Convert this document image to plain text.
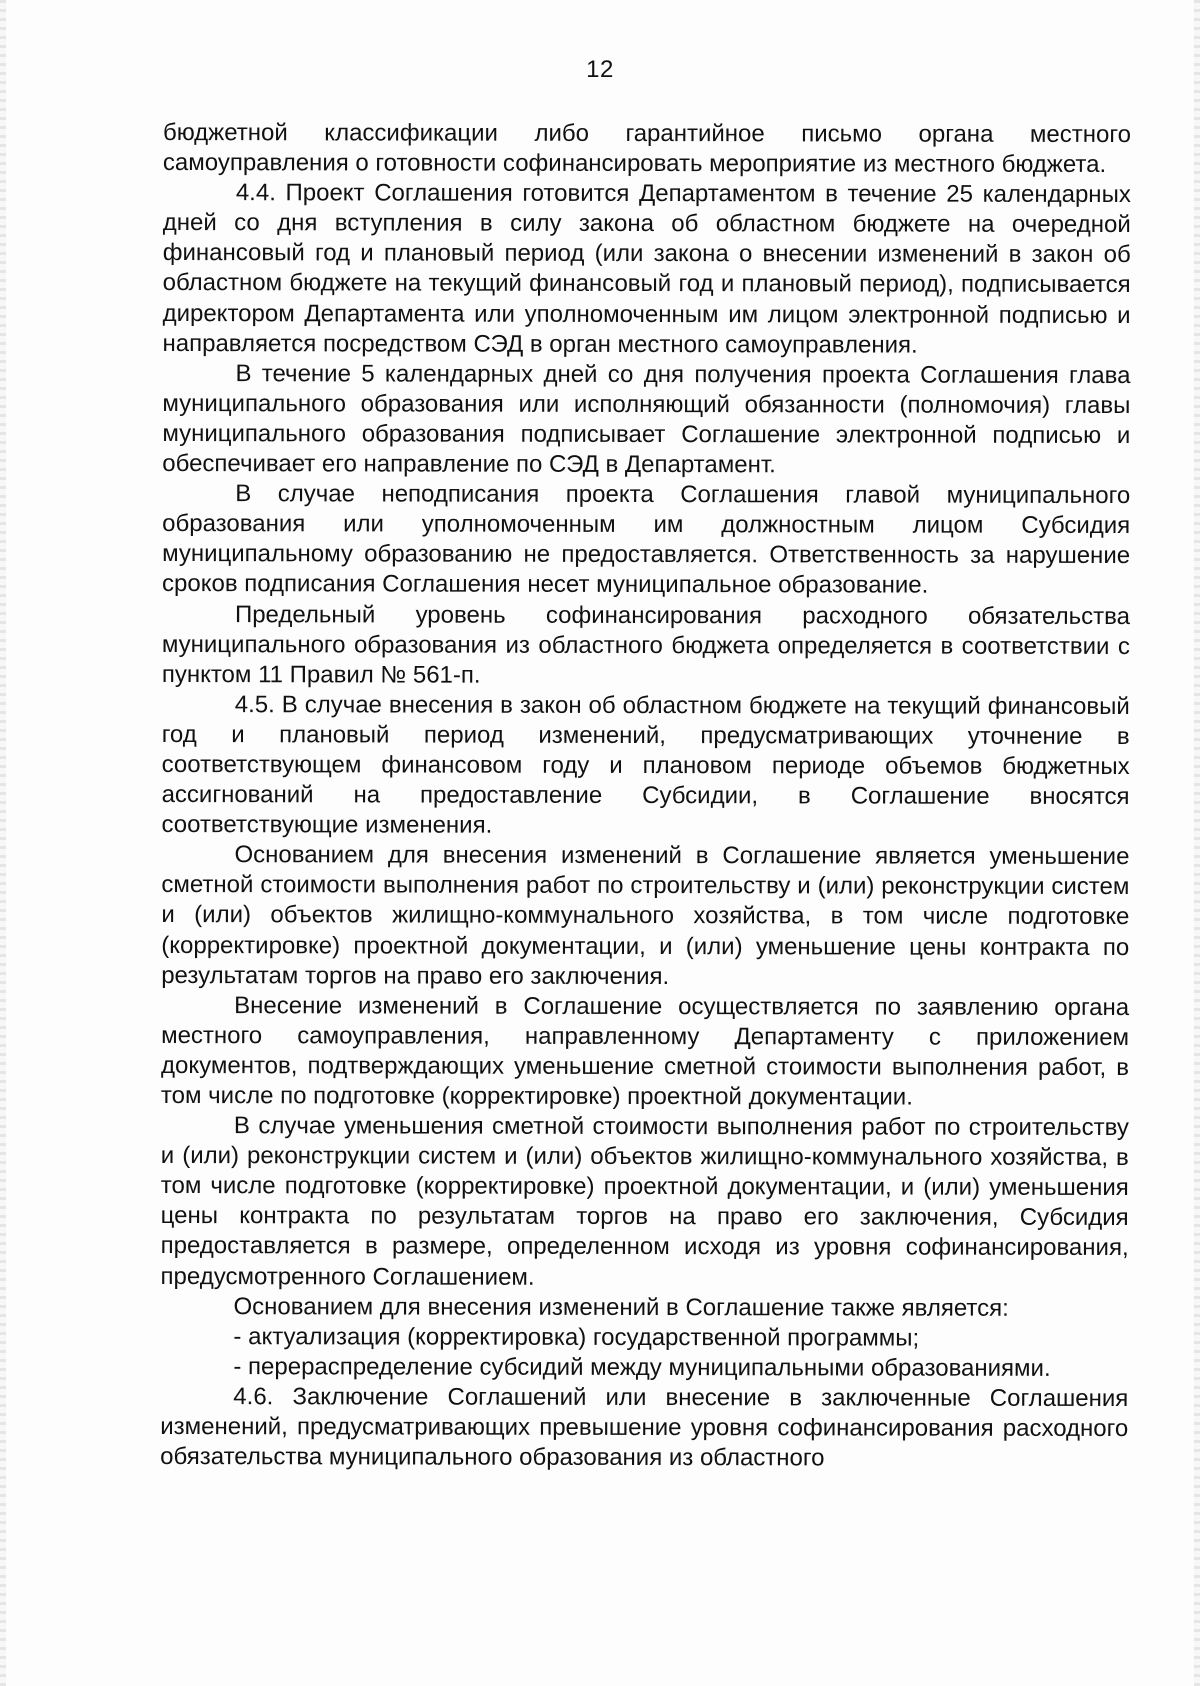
12

бюджетной классификации либо гарантийное письмо органа местного самоуправления о готовности софинансировать мероприятие из местного бюджета.

4.4. Проект Соглашения готовится Департаментом в течение 25 календарных дней со дня вступления в силу закона об областном бюджете на очередной финансовый год и плановый период (или закона о внесении изменений в закон об областном бюджете на текущий финансовый год и плановый период), подписывается директором Департамента или уполномоченным им лицом электронной подписью и направляется посредством СЭД в орган местного самоуправления.

В течение 5 календарных дней со дня получения проекта Соглашения глава муниципального образования или исполняющий обязанности (полномочия) главы муниципального образования подписывает Соглашение электронной подписью и обеспечивает его направление по СЭД в Департамент.

В случае неподписания проекта Соглашения главой муниципального образования или уполномоченным им должностным лицом Субсидия муниципальному образованию не предоставляется. Ответственность за нарушение сроков подписания Соглашения несет муниципальное образование.

Предельный уровень софинансирования расходного обязательства муниципального образования из областного бюджета определяется в соответствии с пунктом 11 Правил № 561-п.

4.5. В случае внесения в закон об областном бюджете на текущий финансовый год и плановый период изменений, предусматривающих уточнение в соответствующем финансовом году и плановом периоде объемов бюджетных ассигнований на предоставление Субсидии, в Соглашение вносятся соответствующие изменения.

Основанием для внесения изменений в Соглашение является уменьшение сметной стоимости выполнения работ по строительству и (или) реконструкции систем и (или) объектов жилищно-коммунального хозяйства, в том числе подготовке (корректировке) проектной документации, и (или) уменьшение цены контракта по результатам торгов на право его заключения.

Внесение изменений в Соглашение осуществляется по заявлению органа местного самоуправления, направленному Департаменту с приложением документов, подтверждающих уменьшение сметной стоимости выполнения работ, в том числе по подготовке (корректировке) проектной документации.

В случае уменьшения сметной стоимости выполнения работ по строительству и (или) реконструкции систем и (или) объектов жилищно-коммунального хозяйства, в том числе подготовке (корректировке) проектной документации, и (или) уменьшения цены контракта по результатам торгов на право его заключения, Субсидия предоставляется в размере, определенном исходя из уровня софинансирования, предусмотренного Соглашением.

Основанием для внесения изменений в Соглашение также является:

- актуализация (корректировка) государственной программы;

- перераспределение субсидий между муниципальными образованиями.

4.6. Заключение Соглашений или внесение в заключенные Соглашения изменений, предусматривающих превышение уровня софинансирования расходного обязательства муниципального образования из областного
